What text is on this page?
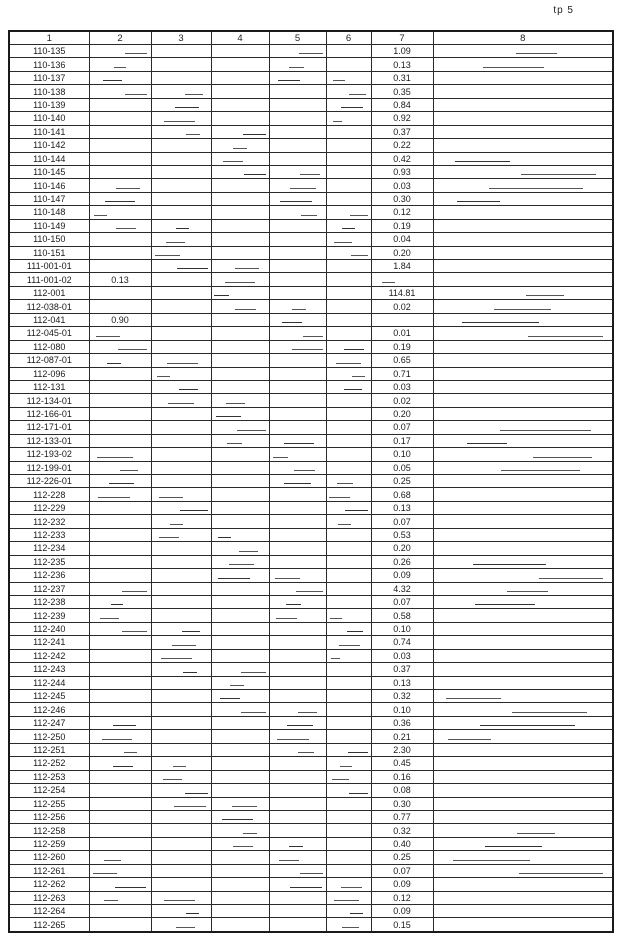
tp 5
1	2	3	4	5	6	7	8
110-135						1.09	

110-136						0.13	

110-137						0.31	
110-138						0.35	
110-139						0.84	
110-140						0.92	
110-141						0.37	
110-142						0.22	
110-144						0.42	

110-145						0.93	

110-146						0.03	

110-147						0.30	

110-148						0.12	
110-149						0.19	
110-150						0.04	
110-151						0.20	
111-001-01						1.84	
111-001-02	0.13		

112-001						114.81	

112-038-01						0.02	

112-041	0.90			

112-045-01						0.01	

112-080						0.19	
112-087-01						0.65	
112-096						0.71	
112-131						0.03	
112-134-01						0.02	
112-166-01						0.20	
112-171-01						0.07	

112-133-01						0.17	

112-193-02						0.10	

112-199-01						0.05	

112-226-01						0.25	
112-228						0.68	
112-229						0.13	
112-232						0.07	
112-233						0.53	
112-234						0.20	
112-235						0.26	

112-236						0.09	

112-237						4.32	

112-238						0.07	

112-239						0.58	
112-240						0.10	
112-241						0.74	
112-242						0.03	
112-243						0.37	
112-244						0.13	
112-245						0.32	

112-246						0.10	

112-247						0.36	

112-250						0.21	

112-251						2.30	
112-252						0.45	
112-253						0.16	
112-254						0.08	
112-255						0.30	
112-256						0.77	
112-258						0.32	

112-259						0.40	

112-260						0.25	

112-261						0.07	

112-262						0.09	
112-263						0.12	
112-264						0.09	
112-265						0.15	
